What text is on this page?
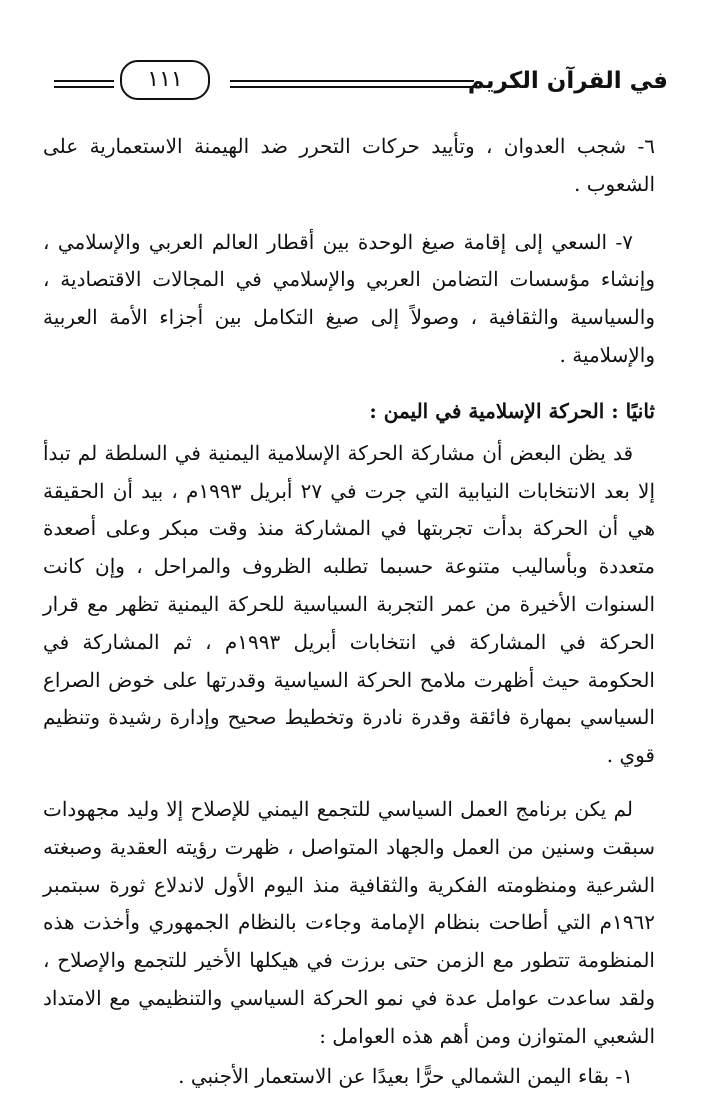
في القرآن الكريم
١١١

٦- شجب العدوان ، وتأييد حركات التحرر ضد الهيمنة الاستعمارية على الشعوب .

٧- السعي إلى إقامة صيغ الوحدة بين أقطار العالم العربي والإسلامي ، وإنشاء مؤسسات التضامن العربي والإسلامي في المجالات الاقتصادية ، والسياسية والثقافية ، وصولاً إلى صيغ التكامل بين أجزاء الأمة العربية والإسلامية .

ثانيًا : الحركة الإسلامية في اليمن :

قد يظن البعض أن مشاركة الحركة الإسلامية اليمنية في السلطة لم تبدأ إلا بعد الانتخابات النيابية التي جرت في ٢٧ أبريل ١٩٩٣م ، بيد أن الحقيقة هي أن الحركة بدأت تجربتها في المشاركة منذ وقت مبكر وعلى أصعدة متعددة وبأساليب متنوعة حسبما تطلبه الظروف والمراحل ، وإن كانت السنوات الأخيرة من عمر التجربة السياسية للحركة اليمنية تظهر مع قرار الحركة في المشاركة في انتخابات أبريل ١٩٩٣م ، ثم المشاركة في الحكومة حيث أظهرت ملامح الحركة السياسية وقدرتها على خوض الصراع السياسي بمهارة فائقة وقدرة نادرة وتخطيط صحيح وإدارة رشيدة وتنظيم قوي .

لم يكن برنامج العمل السياسي للتجمع اليمني للإصلاح إلا وليد مجهودات سبقت وسنين من العمل والجهاد المتواصل ، ظهرت رؤيته العقدية وصبغته الشرعية ومنظومته الفكرية والثقافية منذ اليوم الأول لاندلاع ثورة سبتمبر ١٩٦٢م التي أطاحت بنظام الإمامة وجاءت بالنظام الجمهوري وأخذت هذه المنظومة تتطور مع الزمن حتى برزت في هيكلها الأخير للتجمع والإصلاح ، ولقد ساعدت عوامل عدة في نمو الحركة السياسي والتنظيمي مع الامتداد الشعبي المتوازن ومن أهم هذه العوامل :

١- بقاء اليمن الشمالي حرًّا بعيدًا عن الاستعمار الأجنبي .
